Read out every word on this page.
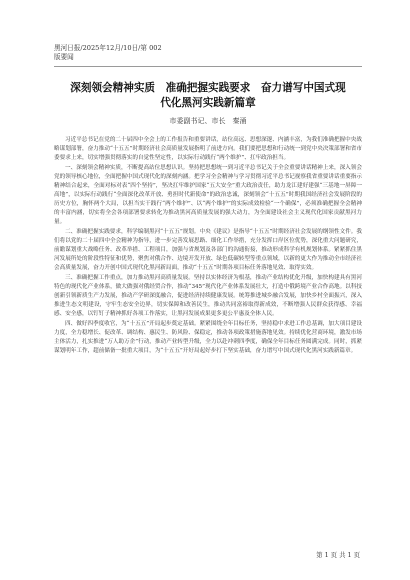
黑河日报/2025年12月/10日/第 002
版要闻
深刻领会精神实质　准确把握实践要求　奋力谱写中国式现
代化黑河实践新篇章
市委副书记、市长　秦涌

习近平总书记在党的二十届四中全会上的工作报告和重要讲话，站位高远、思想深邃、内涵丰富，为我们准确把握中央战略谋划部署，奋力推动“十五五”时期经济社会高质量发展指明了前进方向。我们要把思想和行动统一到党中央决策部署和省市委要求上来，切实增强贯彻落实的自觉性坚定性，以实际行动践行“两个维护”、扛牢政治担当。

一、深刻领会精神实质，不断提高站位思想认识。坚持把思想统一到习近平总书记关于全会重要讲话精神上来，深入领会党的领导核心地位，全面把握中国式现代化的深刻内涵。把学习全会精神与学习贯彻习近平总书记视察我省重要讲话重要指示精神结合起来，全面对标对表“四个坚持”，坚决扛牢维护国家“五大安全”重大政治责任，助力龙江建好建强“三基地一屏障一高地”，以实际行动践行“全面深化改革开放、勇担时代新使命”的政治忠诚，深刻领会“十五五”时期我国经济社会发展阶段的历史方位，胸怀两个大局，以担当实干践行“两个维护”、以“两个维护”的实际成效检验“一个确保”，必须准确把握全会精神的丰富内涵，切实将全会各项部署要求转化为推动黑河高质量发展的强大动力，为全面建设社会主义现代化国家贡献黑河力量。

二、准确把握实践要求，科学编制黑河“十五五”规划。中央《建议》是指导“十五五”时期经济社会发展的纲领性文件。我们将以党的二十届四中全会精神为指导，进一步完善发展思路、细化工作举措，充分发挥口岸区位优势，深化重大问题研究，前瞻谋划重大战略任务、改革举措、工程项目，加强与省规划及各部门的沟通衔接，推动形成科学有机规划体系。紧紧抓住黑河发展所处的阶段性特征和优势，聚焦对俄合作、边境开发开放、绿色低碳转型等重点领域，以新的更大作为推动全市经济社会高质量发展，奋力开创中国式现代化黑河新局面，推动“十五五”时期各项目标任务落地见效、取得实效。

三、准确把握工作重点，加力推动黑河高质量发展。坚持以实体经济为根基，推动产业结构优化升级，加快构建具有黑河特色的现代化产业体系，做大做强对俄经贸合作，推动“345”现代化产业体系发展壮大，打造中俄跨境产业合作高地。以科技创新引领新质生产力发展，推动产学研深度融合，促进经济持续健康发展。统筹推进城乡融合发展，加快乡村全面振兴，深入推进生态文明建设，守牢生态安全边界，切实保障和改善民生，推动共同富裕取得新成效，不断增强人民群众获得感、幸福感、安全感，以钉钉子精神抓好各项工作落实，让黑河发展成果更多更公平惠及全体人民。

四、做好四季度收官，为“十五五”开局起步奠定基础。紧紧围绕全年目标任务，坚持稳中求进工作总基调，加大项目建设力度，全力稳增长、促改革、调结构、惠民生、防风险、保稳定，推动各项政策措施落地见效。持续优化营商环境，激发市场主体活力，扎实推进“万人助万企”行动，推动产业转型升级，全力以赴冲刺四季度，确保全年目标任务圆满完成。同时，抓紧谋划明年工作，超前储备一批重大项目，为“十五五”开好局起好步打下坚实基础，奋力谱写中国式现代化黑河实践新篇章。

第 1 页 共 1 页
